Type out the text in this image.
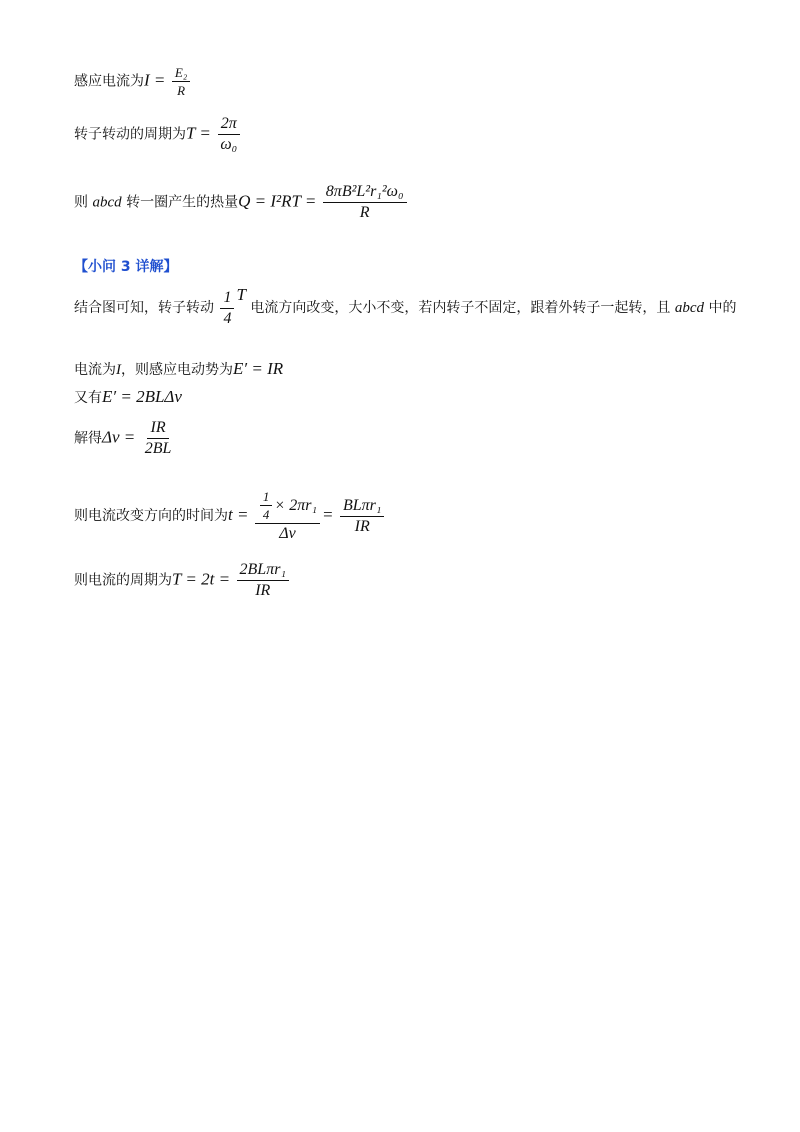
感应电流为$I = \frac{\text{E₂}}{R}$
转子转动的周期为$T = \frac{2\pi}{\text{ω₀}}$
则 abcd 转一圈产生的热量$Q = I^2RT = \frac{\text{8πB²L²r₁²ω₀}}{R}$
【小问 3 详解】
结合图可知，转子转动 $\frac{1}{4}$ T 电流方向改变，大小不变，若内转子不固定，跟着外转子一起转，且 abcd 中的
电流为I，则感应电动势为E′ = IR
又有E′ = 2BLΔv
解得$\Delta v = \frac{IR}{2BL}$
则电流改变方向的时间为$t = \frac{\frac{1}{4} \times 2\pi r_1}{\Delta v} = \frac{\text{BLπr₁}}{IR}$
则电流的周期为$T = 2t = \frac{\text{2BLπr₁}}{IR}$
